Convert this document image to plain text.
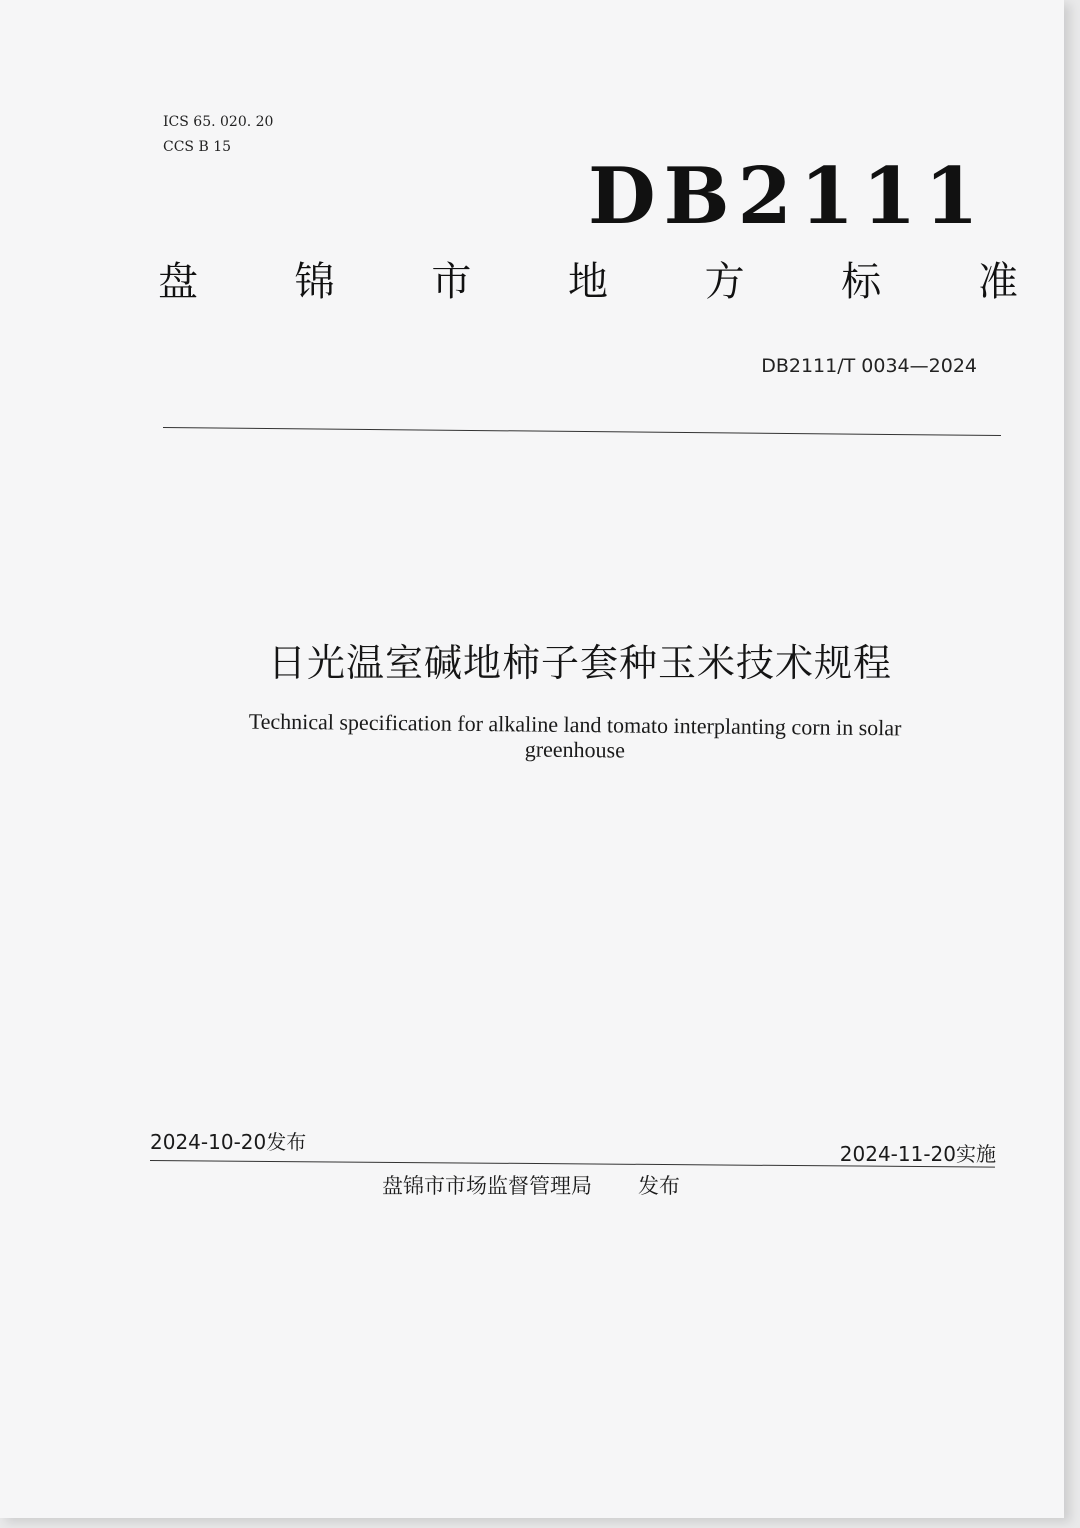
ICS 65. 020. 20
CCS B 15
DB2111
盘 锦 市 地 方 标 准
DB2111/T 0034—2024
日光温室碱地柿子套种玉米技术规程
Technical specification for alkaline land tomato interplanting corn in solar
greenhouse
2024-10-20发布	2024-11-20实施
盘锦市市场监督管理局 发布
